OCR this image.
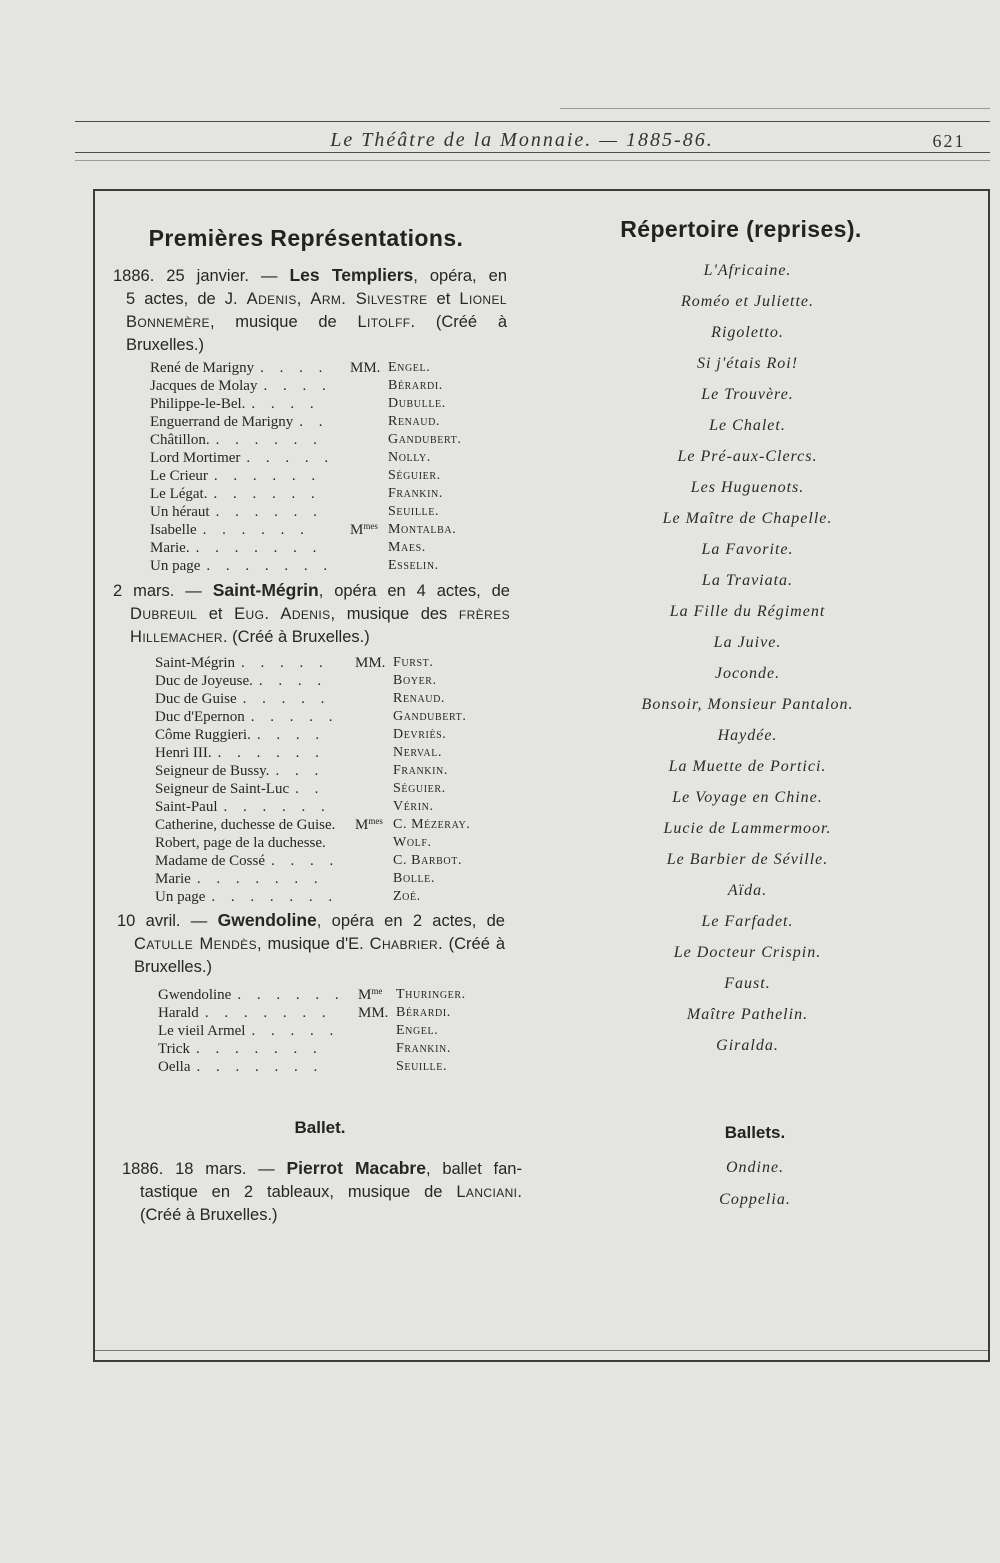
Le Théâtre de la Monnaie. — 1885-86.	621
Premières Représentations.
1886. 25 janvier. — Les Templiers, opéra, en
5 actes, de J. Adenis, Arm. Silvestre et Lionel
Bonnemère, musique de Litolff. (Créé à
Bruxelles.)
René de Marigny . . . . MM. Engel.
Jacques de Molay . . . .	Bérardi.
Philippe-le-Bel. . . . .	Dubulle.
Enguerrand de Marigny . .	Renaud.
Châtillon. . . . . . .	Gandubert.
Lord Mortimer . . . . .	Nolly.
Le Crieur . . . . . .	Séguier.
Le Légat. . . . . . .	Frankin.
Un héraut . . . . . .	Seuille.
Isabelle . . . . . .	$M^{mes}$ Montalba.
Marie. . . . . . . .	Maes.
Un page . . . . . . .	Esselin.
2 mars. — Saint-Mégrin, opéra en 4 actes, de
Dubreuil et Eug. Adenis, musique des frères
Hillemacher. (Créé à Bruxelles.)
Saint-Mégrin . . . . . MM. Furst.
Duc de Joyeuse. . . . .	Boyer.
Duc de Guise . . . . .	Renaud.
Duc d'Epernon . . . . .	Gandubert.
Côme Ruggieri. . . . .	Devriès.
Henri III. . . . . . .	Nerval.
Seigneur de Bussy. . . .	Frankin.
Seigneur de Saint-Luc . .	Séguier.
Saint-Paul . . . . . .	Vérin.
Catherine, duchesse de Guise. $M^{mes}$ C. Mézeray.
Robert, page de la duchesse.	Wolf.
Madame de Cossé . . . .	C. Barbot.
Marie . . . . . . .	Bolle.
Un page . . . . . . .	Zoé.
10 avril. — Gwendoline, opéra en 2 actes, de
Catulle Mendès, musique d'E. Chabrier. (Créé à
Bruxelles.)
Gwendoline . . . . . . $M^{me}$ Thuringer.
Harald . . . . . . . MM. Bérardi.
Le vieil Armel . . . . .	Engel.
Trick . . . . . . .	Frankin.
Oella . . . . . . .	Seuille.
Ballet.
1886. 18 mars. — Pierrot Macabre, ballet fan-
tastique en 2 tableaux, musique de Lanciani.
(Créé à Bruxelles.)
Répertoire (reprises).
L'Africaine.
Roméo et Juliette.
Rigoletto.
Si j'étais Roi!
Le Trouvère.
Le Chalet.
Le Pré-aux-Clercs.
Les Huguenots.
Le Maître de Chapelle.
La Favorite.
La Traviata.
La Fille du Régiment
La Juive.
Joconde.
Bonsoir, Monsieur Pantalon.
Haydée.
La Muette de Portici.
Le Voyage en Chine.
Lucie de Lammermoor.
Le Barbier de Séville.
Aïda.
Le Farfadet.
Le Docteur Crispin.
Faust.
Maître Pathelin.
Giralda.
Ballets.
Ondine.
Coppelia.
